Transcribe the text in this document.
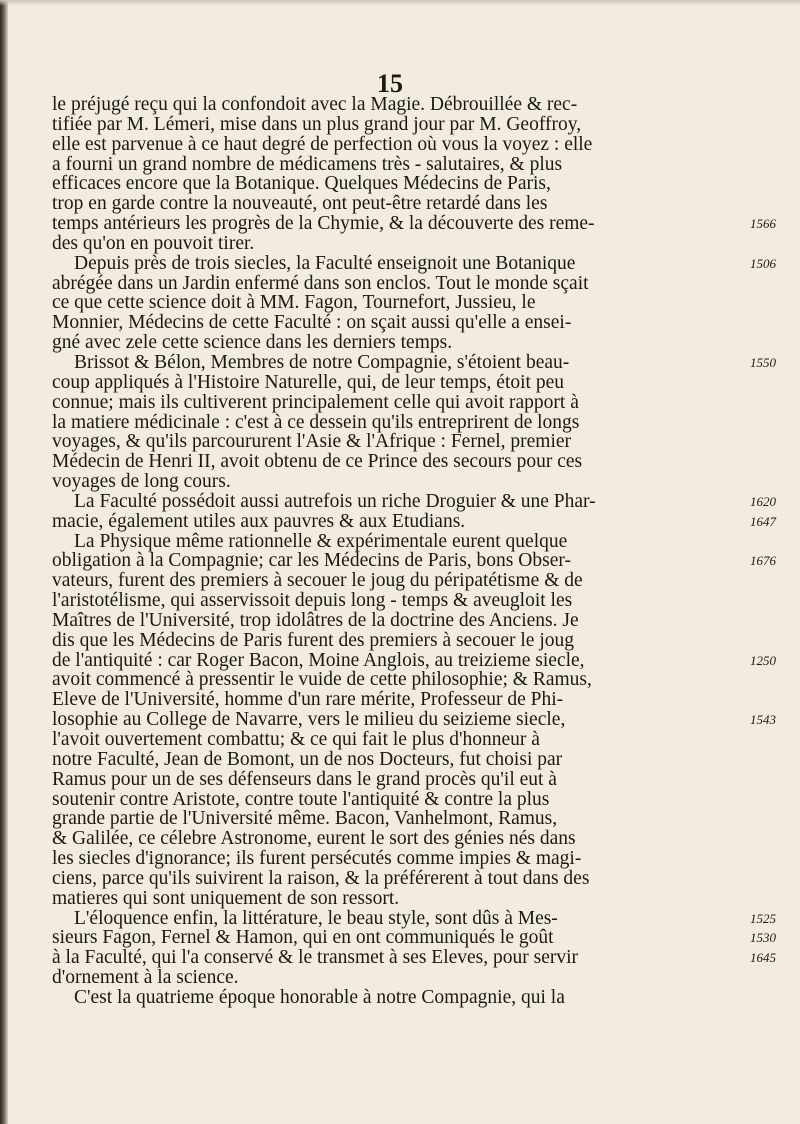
15
le préjugé reçu qui la confondoit avec la Magie. Débrouillée & rec-
tifiée par M. Lémeri, mise dans un plus grand jour par M. Geoffroy,
elle est parvenue à ce haut degré de perfection où vous la voyez : elle
a fourni un grand nombre de médicamens très - salutaires, & plus
efficaces encore que la Botanique. Quelques Médecins de Paris,
trop en garde contre la nouveauté, ont peut-être retardé dans les
temps antérieurs les progrès de la Chymie, & la découverte des reme-
des qu'on en pouvoit tirer.
Depuis près de trois siecles, la Faculté enseignoit une Botanique
abrégée dans un Jardin enfermé dans son enclos. Tout le monde sçait
ce que cette science doit à MM. Fagon, Tournefort, Jussieu, le
Monnier, Médecins de cette Faculté : on sçait aussi qu'elle a ensei-
gné avec zele cette science dans les derniers temps.
Brissot & Bélon, Membres de notre Compagnie, s'étoient beau-
coup appliqués à l'Histoire Naturelle, qui, de leur temps, étoit peu
connue; mais ils cultiverent principalement celle qui avoit rapport à
la matiere médicinale : c'est à ce dessein qu'ils entreprirent de longs
voyages, & qu'ils parcoururent l'Asie & l'Afrique : Fernel, premier
Médecin de Henri II, avoit obtenu de ce Prince des secours pour ces
voyages de long cours.
La Faculté possédoit aussi autrefois un riche Droguier & une Phar-
macie, également utiles aux pauvres & aux Etudians.
La Physique même rationnelle & expérimentale eurent quelque
obligation à la Compagnie; car les Médecins de Paris, bons Obser-
vateurs, furent des premiers à secouer le joug du péripatétisme & de
l'aristotélisme, qui asservissoit depuis long - temps & aveugloit les
Maîtres de l'Université, trop idolâtres de la doctrine des Anciens. Je
dis que les Médecins de Paris furent des premiers à secouer le joug
de l'antiquité : car Roger Bacon, Moine Anglois, au treizieme siecle,
avoit commencé à pressentir le vuide de cette philosophie; & Ramus,
Eleve de l'Université, homme d'un rare mérite, Professeur de Phi-
losophie au College de Navarre, vers le milieu du seizieme siecle,
l'avoit ouvertement combattu; & ce qui fait le plus d'honneur à
notre Faculté, Jean de Bomont, un de nos Docteurs, fut choisi par
Ramus pour un de ses défenseurs dans le grand procès qu'il eut à
soutenir contre Aristote, contre toute l'antiquité & contre la plus
grande partie de l'Université même. Bacon, Vanhelmont, Ramus,
& Galilée, ce célebre Astronome, eurent le sort des génies nés dans
les siecles d'ignorance; ils furent persécutés comme impies & magi-
ciens, parce qu'ils suivirent la raison, & la préférerent à tout dans des
matieres qui sont uniquement de son ressort.
L'éloquence enfin, la littérature, le beau style, sont dûs à Mes-
sieurs Fagon, Fernel & Hamon, qui en ont communiqués le goût
à la Faculté, qui l'a conservé & le transmet à ses Eleves, pour servir
d'ornement à la science.
C'est la quatrieme époque honorable à notre Compagnie, qui la
1566
1506
1550
1620
1647
1676
1250
1543
1525
1530
1645
